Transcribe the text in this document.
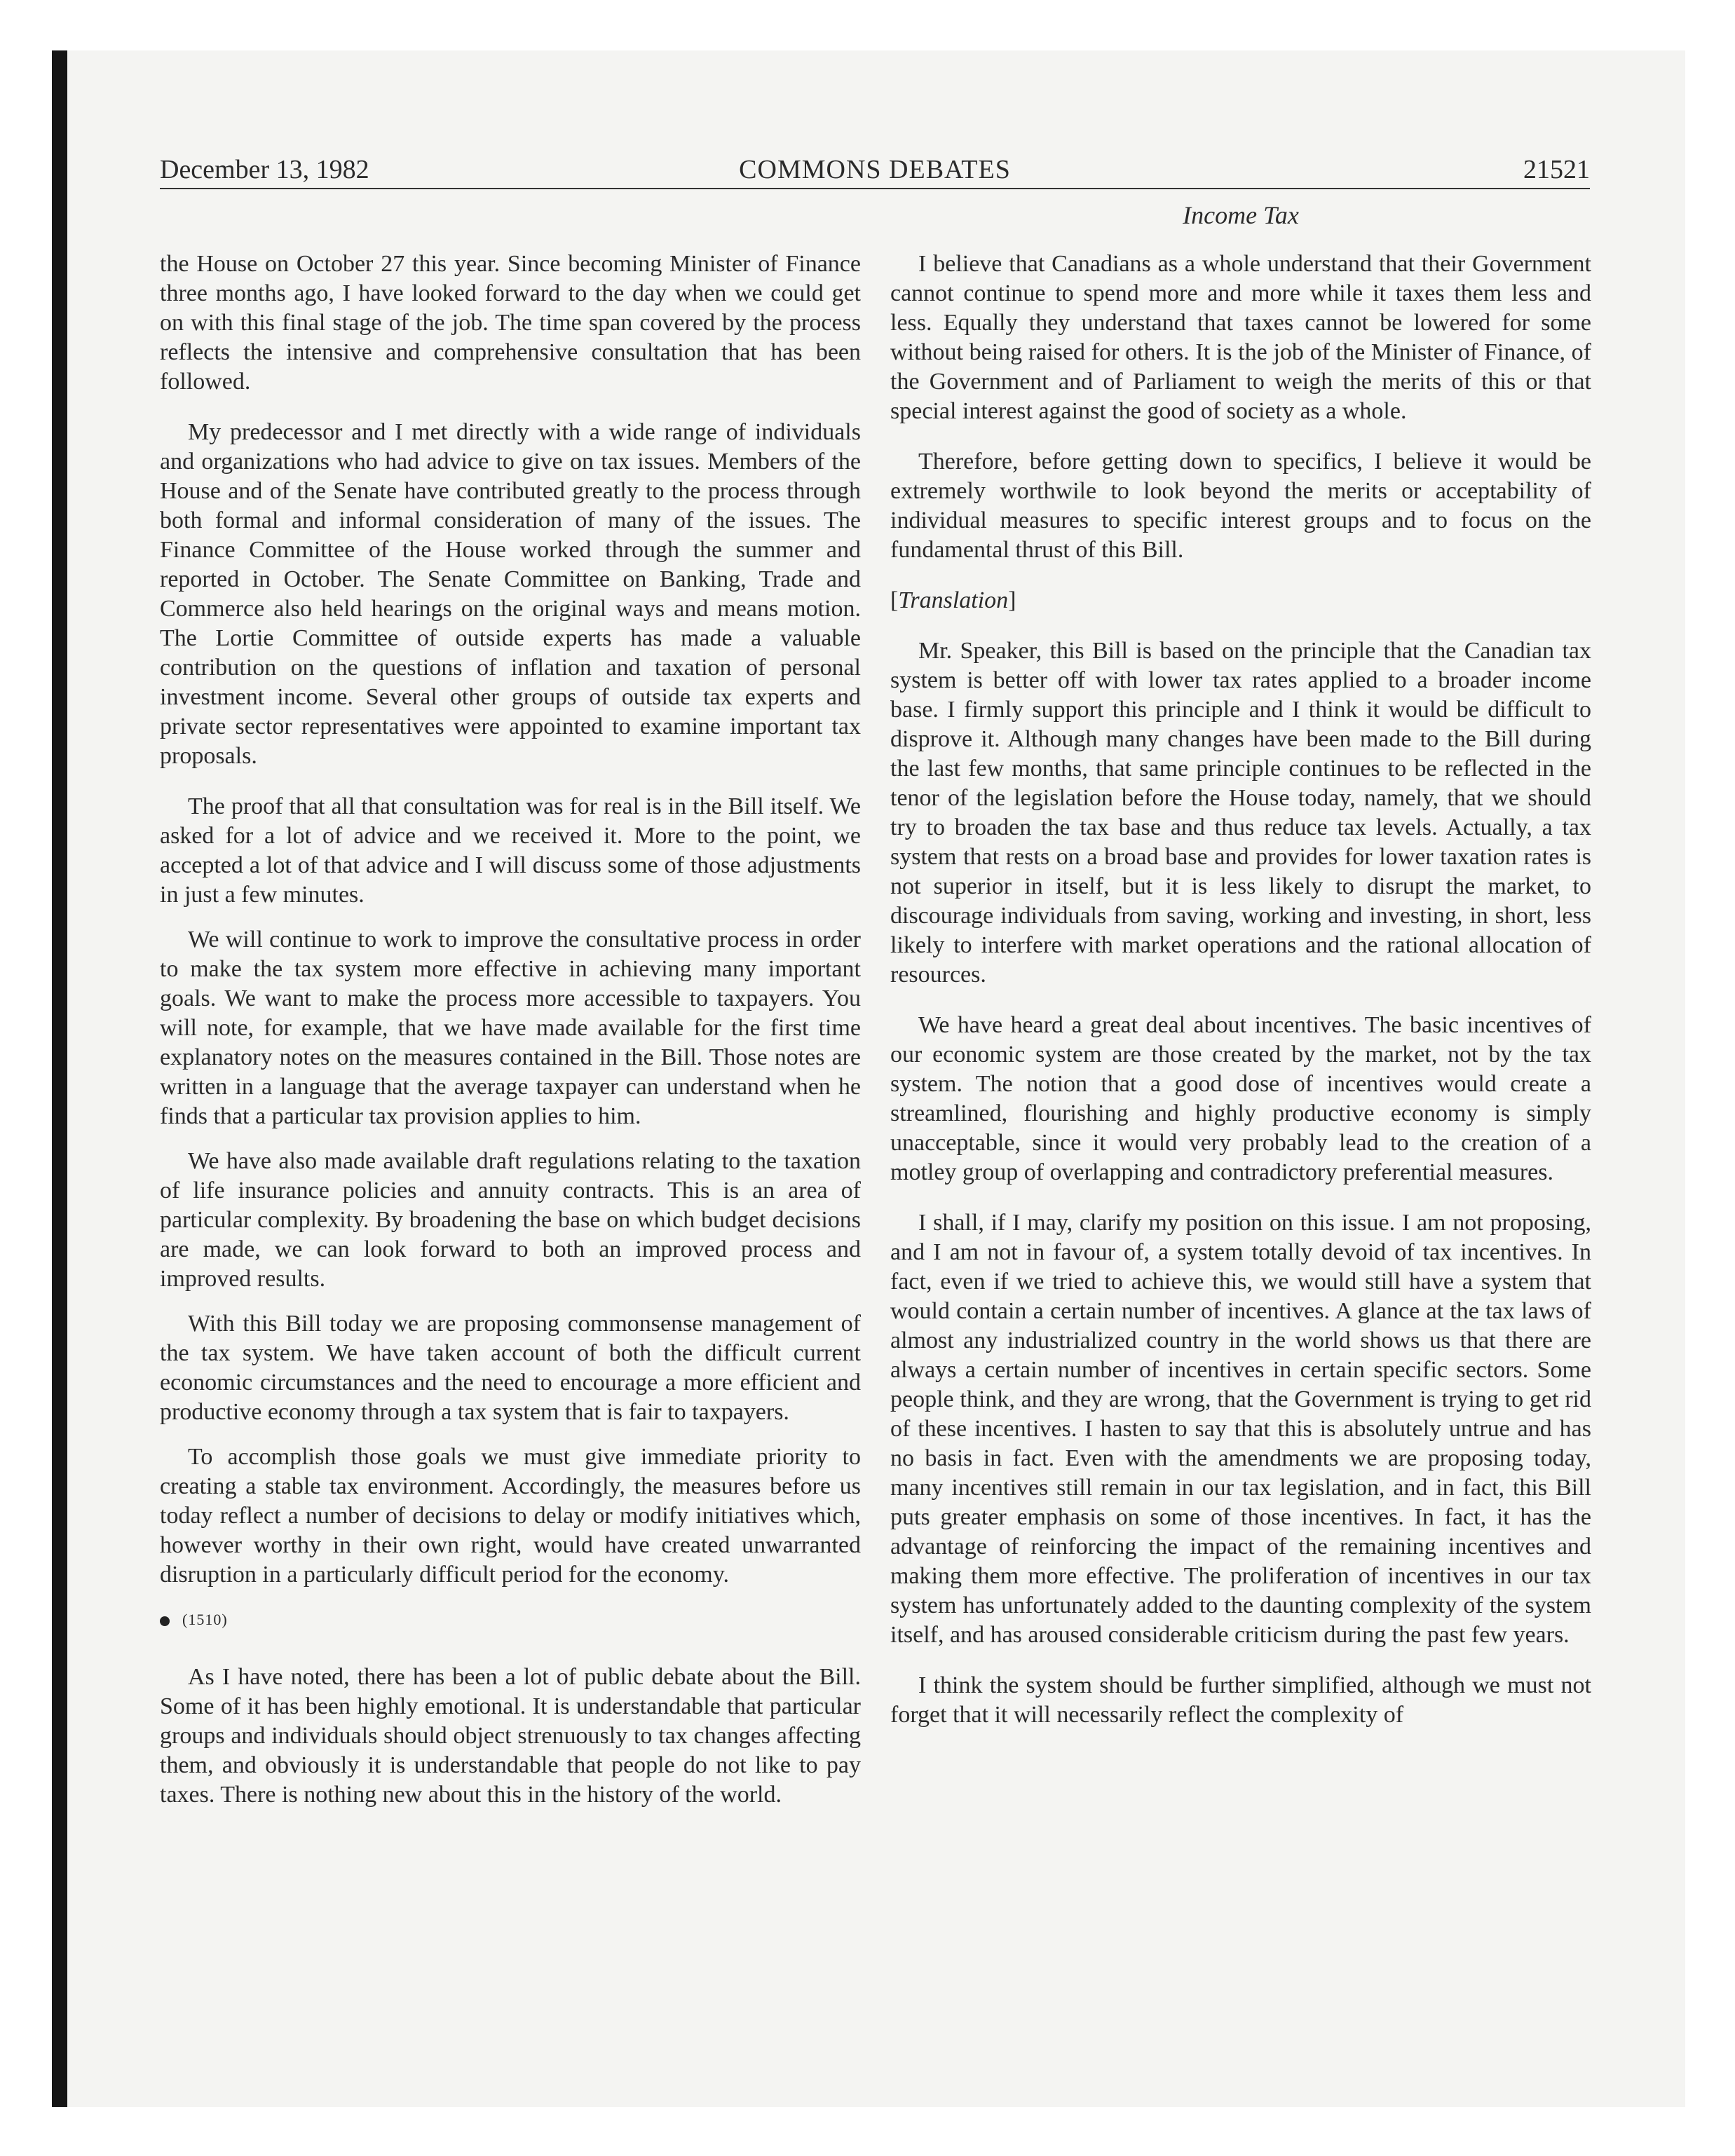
December 13, 1982	COMMONS DEBATES	21521
Income Tax

the House on October 27 this year. Since becoming Minister of Finance three months ago, I have looked forward to the day when we could get on with this final stage of the job. The time span covered by the process reflects the intensive and comprehensive consultation that has been followed.

My predecessor and I met directly with a wide range of individuals and organizations who had advice to give on tax issues. Members of the House and of the Senate have contributed greatly to the process through both formal and informal consideration of many of the issues. The Finance Committee of the House worked through the summer and reported in October. The Senate Committee on Banking, Trade and Commerce also held hearings on the original ways and means motion. The Lortie Committee of outside experts has made a valuable contribution on the questions of inflation and taxation of personal investment income. Several other groups of outside tax experts and private sector representatives were appointed to examine important tax proposals.

The proof that all that consultation was for real is in the Bill itself. We asked for a lot of advice and we received it. More to the point, we accepted a lot of that advice and I will discuss some of those adjustments in just a few minutes.

We will continue to work to improve the consultative process in order to make the tax system more effective in achieving many important goals. We want to make the process more accessible to taxpayers. You will note, for example, that we have made available for the first time explanatory notes on the measures contained in the Bill. Those notes are written in a language that the average taxpayer can understand when he finds that a particular tax provision applies to him.

We have also made available draft regulations relating to the taxation of life insurance policies and annuity contracts. This is an area of particular complexity. By broadening the base on which budget decisions are made, we can look forward to both an improved process and improved results.

With this Bill today we are proposing commonsense management of the tax system. We have taken account of both the difficult current economic circumstances and the need to encourage a more efficient and productive economy through a tax system that is fair to taxpayers.

To accomplish those goals we must give immediate priority to creating a stable tax environment. Accordingly, the measures before us today reflect a number of decisions to delay or modify initiatives which, however worthy in their own right, would have created unwarranted disruption in a particularly difficult period for the economy.

(1510)

As I have noted, there has been a lot of public debate about the Bill. Some of it has been highly emotional. It is understandable that particular groups and individuals should object strenuously to tax changes affecting them, and obviously it is understandable that people do not like to pay taxes. There is nothing new about this in the history of the world.

I believe that Canadians as a whole understand that their Government cannot continue to spend more and more while it taxes them less and less. Equally they understand that taxes cannot be lowered for some without being raised for others. It is the job of the Minister of Finance, of the Government and of Parliament to weigh the merits of this or that special interest against the good of society as a whole.

Therefore, before getting down to specifics, I believe it would be extremely worthwile to look beyond the merits or acceptability of individual measures to specific interest groups and to focus on the fundamental thrust of this Bill.

[Translation]

Mr. Speaker, this Bill is based on the principle that the Canadian tax system is better off with lower tax rates applied to a broader income base. I firmly support this principle and I think it would be difficult to disprove it. Although many changes have been made to the Bill during the last few months, that same principle continues to be reflected in the tenor of the legislation before the House today, namely, that we should try to broaden the tax base and thus reduce tax levels. Actually, a tax system that rests on a broad base and provides for lower taxation rates is not superior in itself, but it is less likely to disrupt the market, to discourage individuals from saving, working and investing, in short, less likely to interfere with market operations and the rational allocation of resources.

We have heard a great deal about incentives. The basic incentives of our economic system are those created by the market, not by the tax system. The notion that a good dose of incentives would create a streamlined, flourishing and highly productive economy is simply unacceptable, since it would very probably lead to the creation of a motley group of overlapping and contradictory preferential measures.

I shall, if I may, clarify my position on this issue. I am not proposing, and I am not in favour of, a system totally devoid of tax incentives. In fact, even if we tried to achieve this, we would still have a system that would contain a certain number of incentives. A glance at the tax laws of almost any industrialized country in the world shows us that there are always a certain number of incentives in certain specific sectors. Some people think, and they are wrong, that the Government is trying to get rid of these incentives. I hasten to say that this is absolutely untrue and has no basis in fact. Even with the amendments we are proposing today, many incentives still remain in our tax legislation, and in fact, this Bill puts greater emphasis on some of those incentives. In fact, it has the advantage of reinforcing the impact of the remaining incentives and making them more effective. The proliferation of incentives in our tax system has unfortunately added to the daunting complexity of the system itself, and has aroused considerable criticism during the past few years.

I think the system should be further simplified, although we must not forget that it will necessarily reflect the complexity of
